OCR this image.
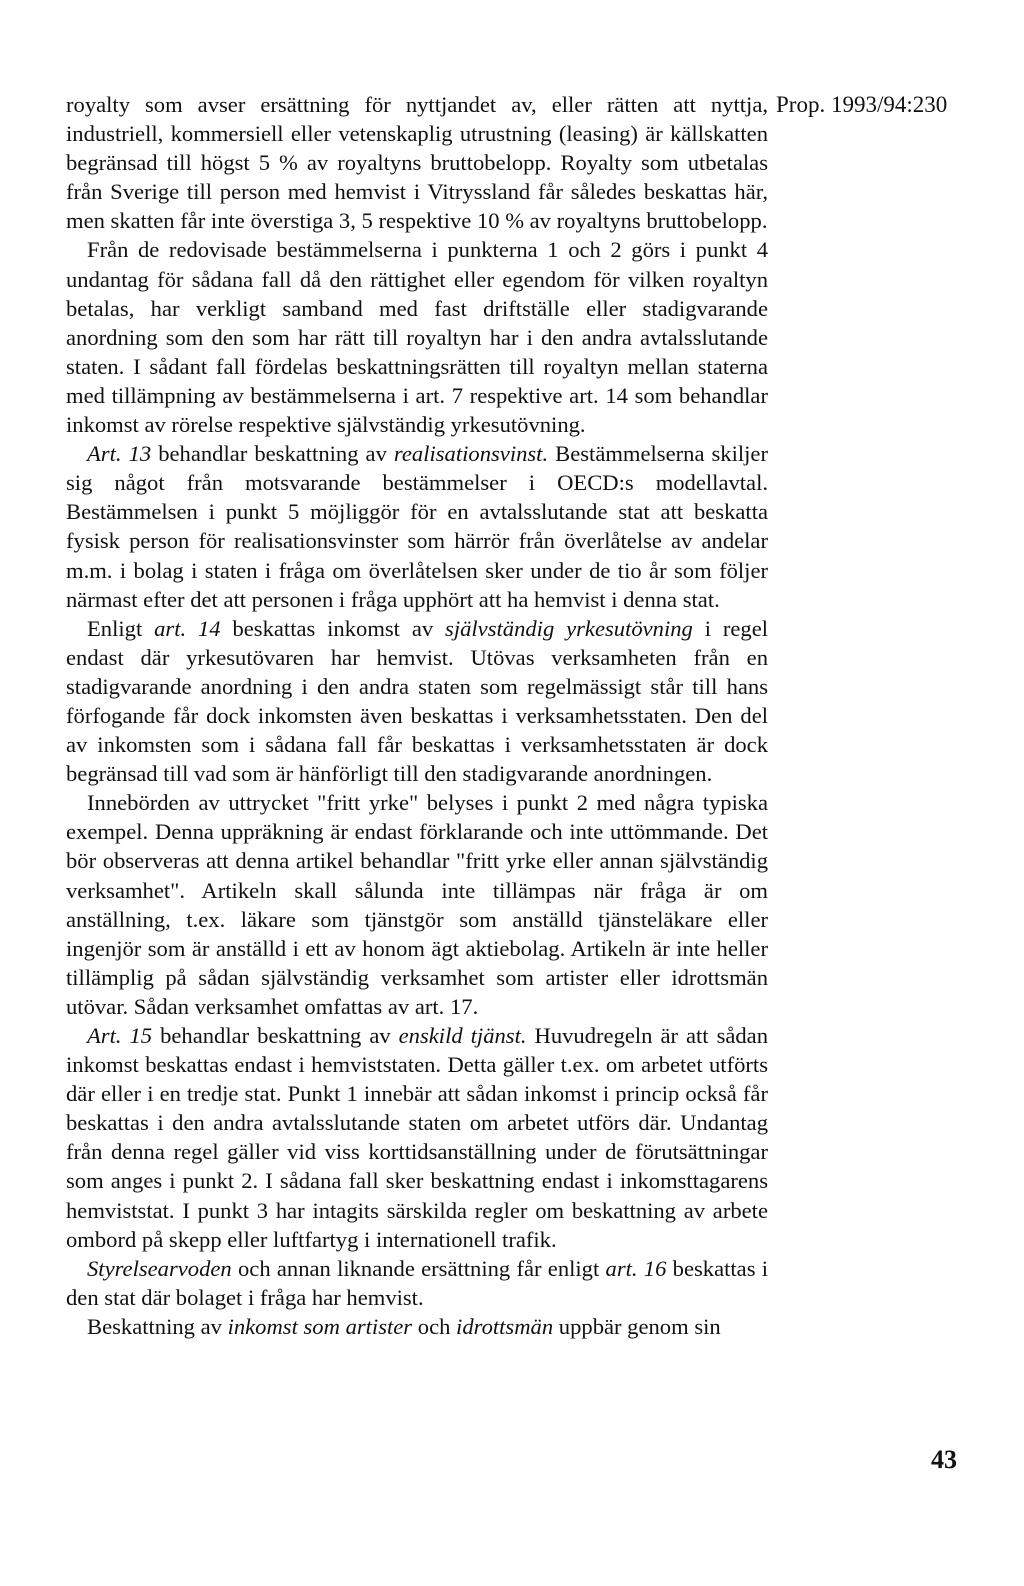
Prop. 1993/94:230

royalty som avser ersättning för nyttjandet av, eller rätten att nyttja, industriell, kommersiell eller vetenskaplig utrustning (leasing) är källskatten begränsad till högst 5 % av royaltyns bruttobelopp. Royalty som utbetalas från Sverige till person med hemvist i Vitryssland får således beskattas här, men skatten får inte överstiga 3, 5 respektive 10 % av royaltyns bruttobelopp.

Från de redovisade bestämmelserna i punkterna 1 och 2 görs i punkt 4 undantag för sådana fall då den rättighet eller egendom för vilken royaltyn betalas, har verkligt samband med fast driftställe eller stadigvarande anordning som den som har rätt till royaltyn har i den andra avtalsslutande staten. I sådant fall fördelas beskattningsrätten till royaltyn mellan staterna med tillämpning av bestämmelserna i art. 7 respektive art. 14 som behandlar inkomst av rörelse respektive självständig yrkesutövning.

Art. 13 behandlar beskattning av realisationsvinst. Bestämmelserna skiljer sig något från motsvarande bestämmelser i OECD:s modellavtal. Bestämmelsen i punkt 5 möjliggör för en avtalsslutande stat att beskatta fysisk person för realisationsvinster som härrör från överlåtelse av andelar m.m. i bolag i staten i fråga om överlåtelsen sker under de tio år som följer närmast efter det att personen i fråga upphört att ha hemvist i denna stat.

Enligt art. 14 beskattas inkomst av självständig yrkesutövning i regel endast där yrkesutövaren har hemvist. Utövas verksamheten från en stadigvarande anordning i den andra staten som regelmässigt står till hans förfogande får dock inkomsten även beskattas i verksamhetsstaten. Den del av inkomsten som i sådana fall får beskattas i verksamhetsstaten är dock begränsad till vad som är hänförligt till den stadigvarande anordningen.

Innebörden av uttrycket "fritt yrke" belyses i punkt 2 med några typiska exempel. Denna uppräkning är endast förklarande och inte uttömmande. Det bör observeras att denna artikel behandlar "fritt yrke eller annan självständig verksamhet". Artikeln skall sålunda inte tillämpas när fråga är om anställning, t.ex. läkare som tjänstgör som anställd tjänsteläkare eller ingenjör som är anställd i ett av honom ägt aktiebolag. Artikeln är inte heller tillämplig på sådan självständig verksamhet som artister eller idrottsmän utövar. Sådan verksamhet omfattas av art. 17.

Art. 15 behandlar beskattning av enskild tjänst. Huvudregeln är att sådan inkomst beskattas endast i hemviststaten. Detta gäller t.ex. om arbetet utförts där eller i en tredje stat. Punkt 1 innebär att sådan inkomst i princip också får beskattas i den andra avtalsslutande staten om arbetet utförs där. Undantag från denna regel gäller vid viss korttidsanställning under de förutsättningar som anges i punkt 2. I sådana fall sker beskattning endast i inkomsttagarens hemviststat. I punkt 3 har intagits särskilda regler om beskattning av arbete ombord på skepp eller luftfartyg i internationell trafik.

Styrelsearvoden och annan liknande ersättning får enligt art. 16 beskattas i den stat där bolaget i fråga har hemvist.

Beskattning av inkomst som artister och idrottsmän uppbär genom sin

43
